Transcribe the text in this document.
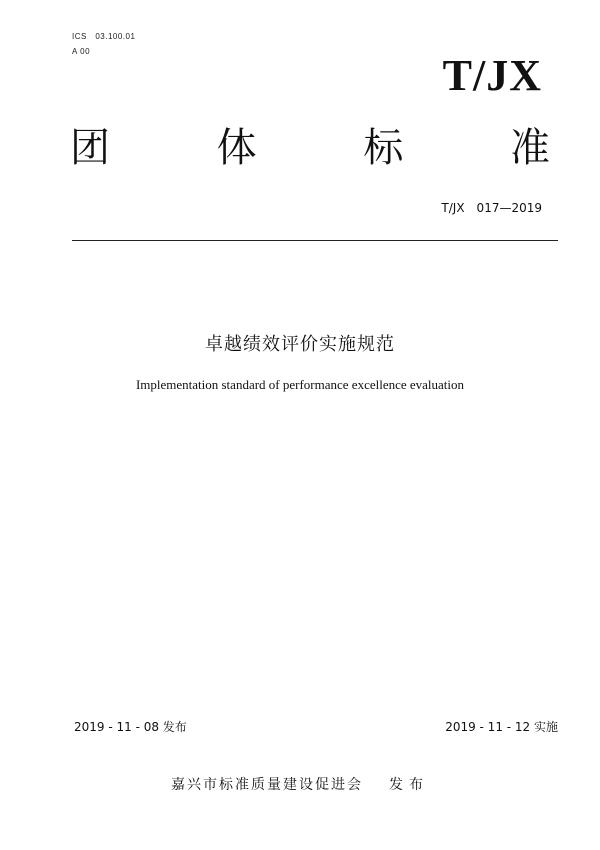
ICS　03.100.01
A 00	T/JX
团	体	标	准
T/JX　017—2019
卓越绩效评价实施规范
Implementation standard of performance excellence evaluation
2019 - 11 - 08 发布	2019 - 11 - 12 实施
嘉兴市标准质量建设促进会 发布
